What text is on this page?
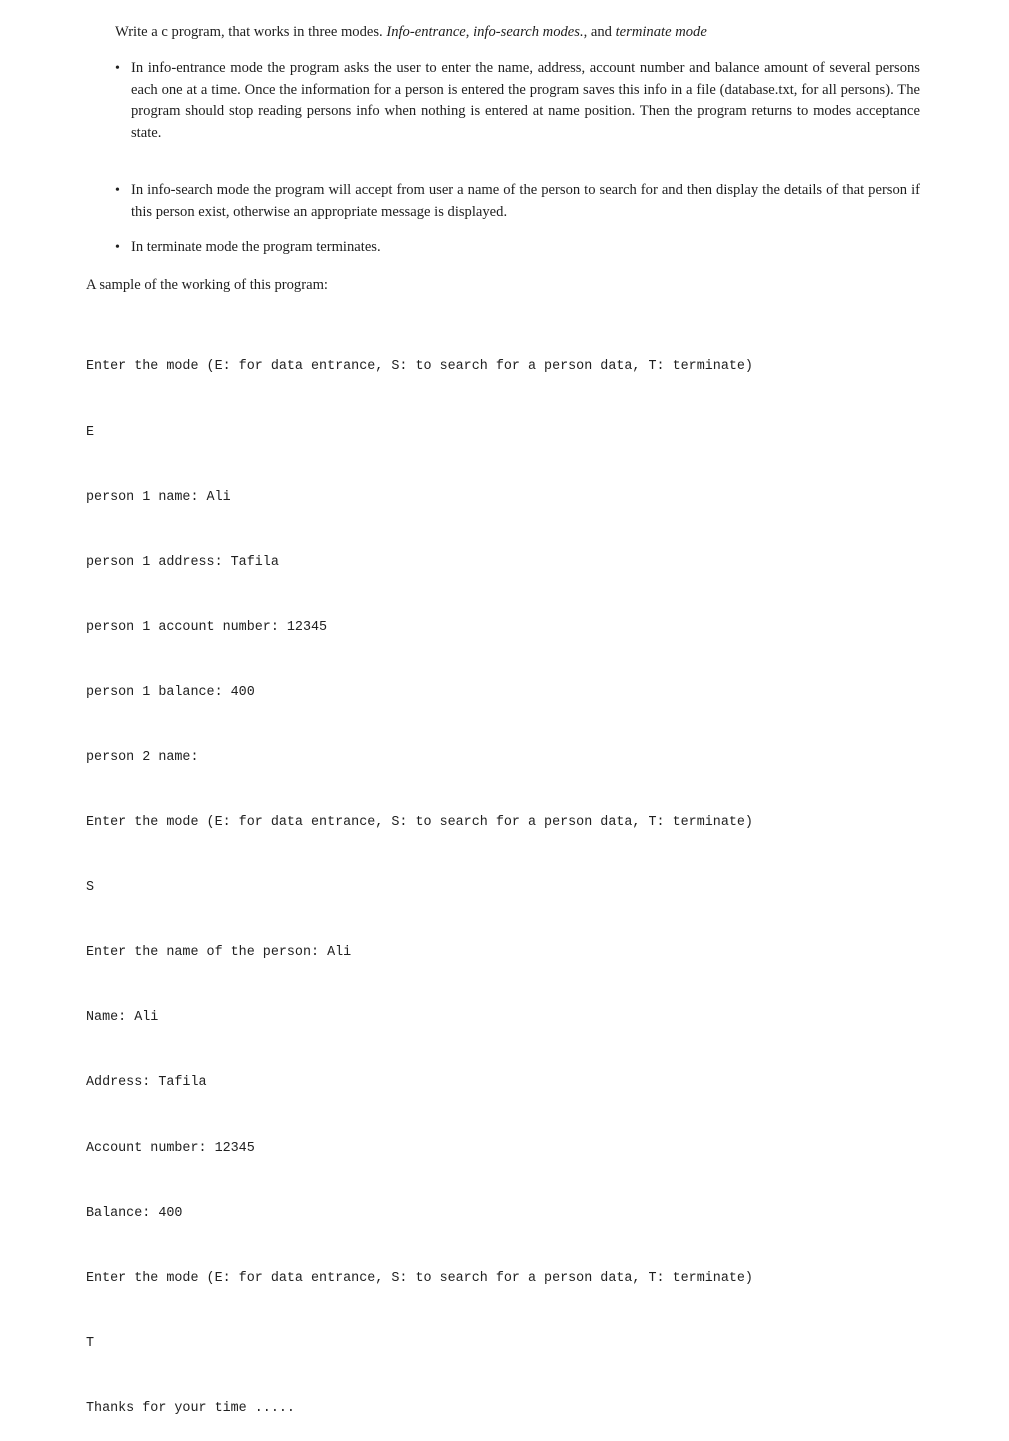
Write a c program, that works in three modes. Info-entrance, info-search modes., and terminate mode

• In info-entrance mode the program asks the user to enter the name, address, account number and balance amount of several persons each one at a time. Once the information for a person is entered the program saves this info in a file (database.txt, for all persons). The program should stop reading persons info when nothing is entered at name position. Then the program returns to modes acceptance state.
• In info-search mode the program will accept from user a name of the person to search for and then display the details of that person if this person exist, otherwise an appropriate message is displayed.
• In terminate mode the program terminates.

A sample of the working of this program:

Enter the mode (E: for data entrance, S: to search for a person data, T: terminate)

E

person 1 name: Ali

person 1 address: Tafila

person 1 account number: 12345

person 1 balance: 400

person 2 name:

Enter the mode (E: for data entrance, S: to search for a person data, T: terminate)

S

Enter the name of the person: Ali

Name: Ali

Address: Tafila

Account number: 12345

Balance: 400

Enter the mode (E: for data entrance, S: to search for a person data, T: terminate)

T

Thanks for your time .....
